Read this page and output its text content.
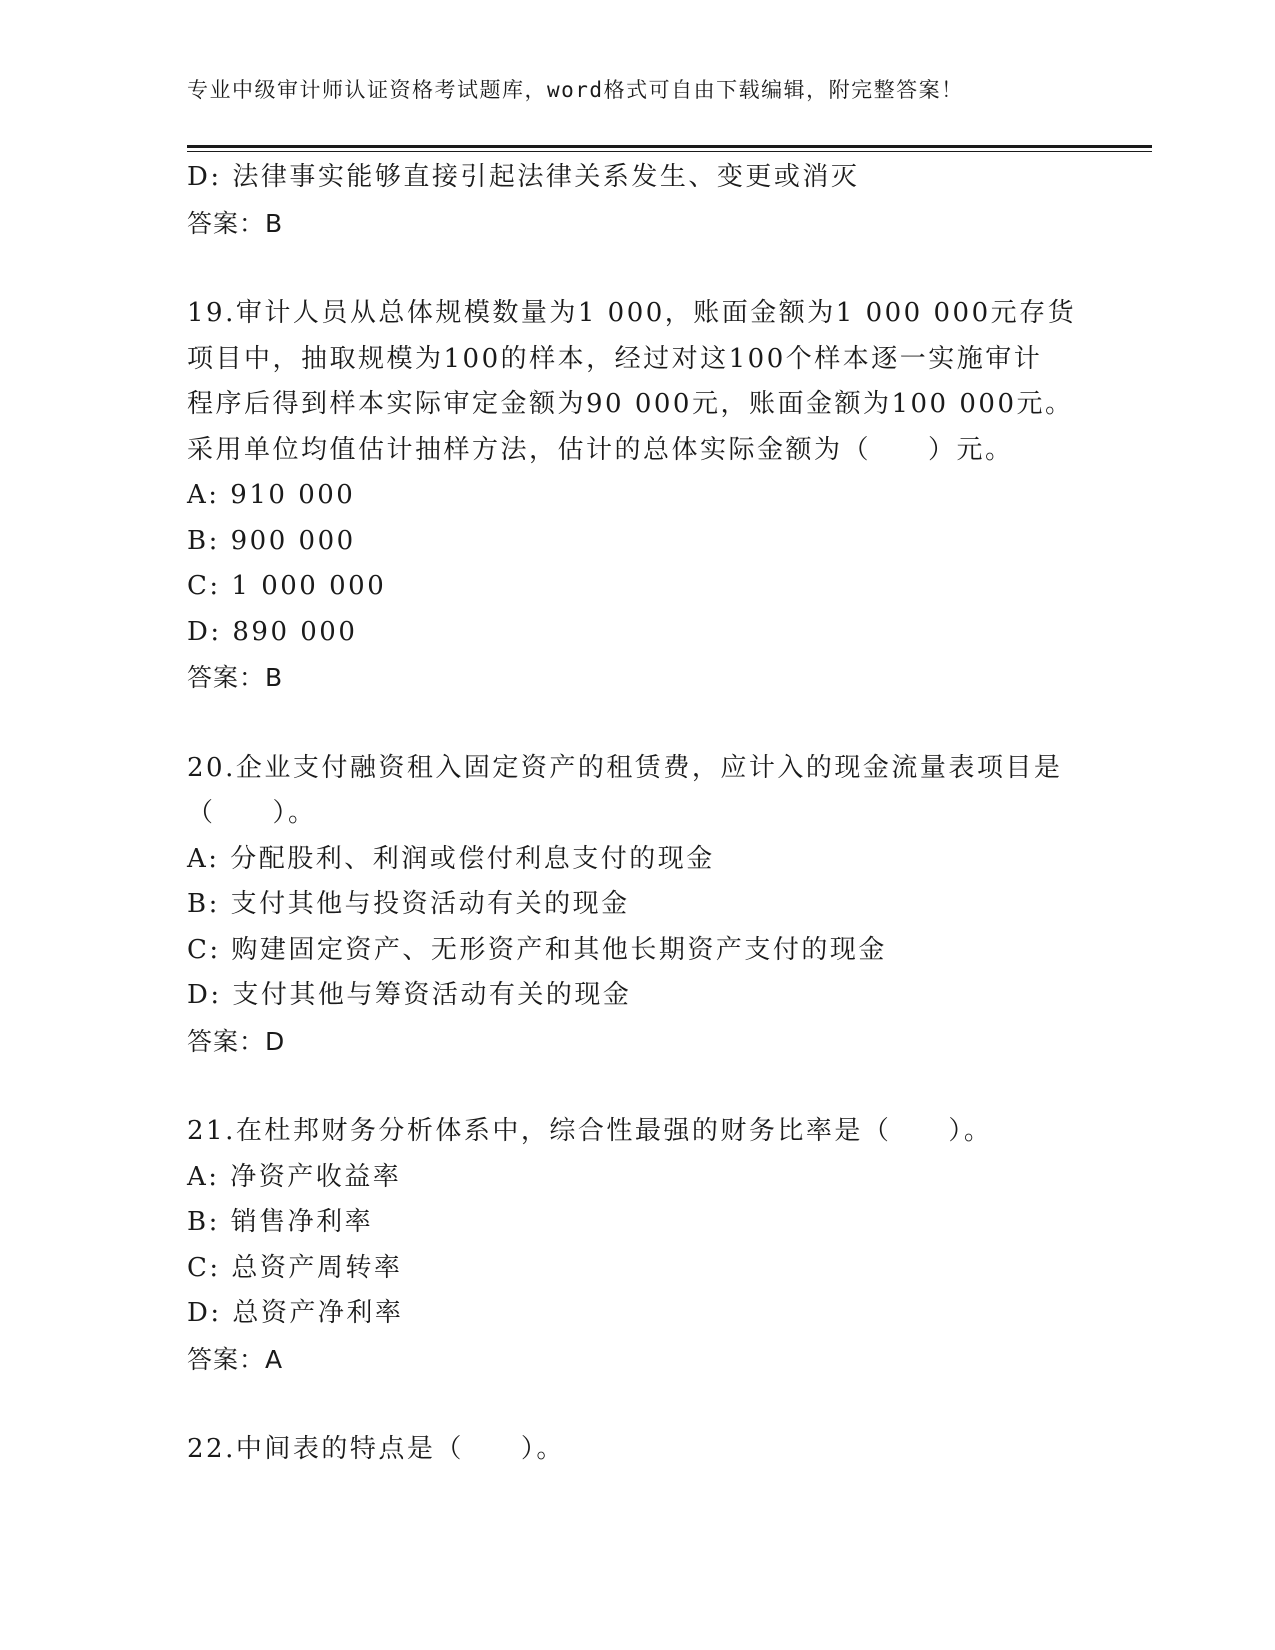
专业中级审计师认证资格考试题库，word格式可自由下载编辑，附完整答案！
D: 法律事实能够直接引起法律关系发生、变更或消灭
答案：B
19.审计人员从总体规模数量为1 000，账面金额为1 000 000元存货
项目中，抽取规模为100的样本，经过对这100个样本逐一实施审计
程序后得到样本实际审定金额为90 000元，账面金额为100 000元。
采用单位均值估计抽样方法，估计的总体实际金额为（　　）元。
A: 910 000
B: 900 000
C: 1 000 000
D: 890 000
答案：B
20.企业支付融资租入固定资产的租赁费，应计入的现金流量表项目是
（　　）。
A: 分配股利、利润或偿付利息支付的现金
B: 支付其他与投资活动有关的现金
C: 购建固定资产、无形资产和其他长期资产支付的现金
D: 支付其他与筹资活动有关的现金
答案：D
21.在杜邦财务分析体系中，综合性最强的财务比率是（　　）。
A: 净资产收益率
B: 销售净利率
C: 总资产周转率
D: 总资产净利率
答案：A
22.中间表的特点是（　　）。
